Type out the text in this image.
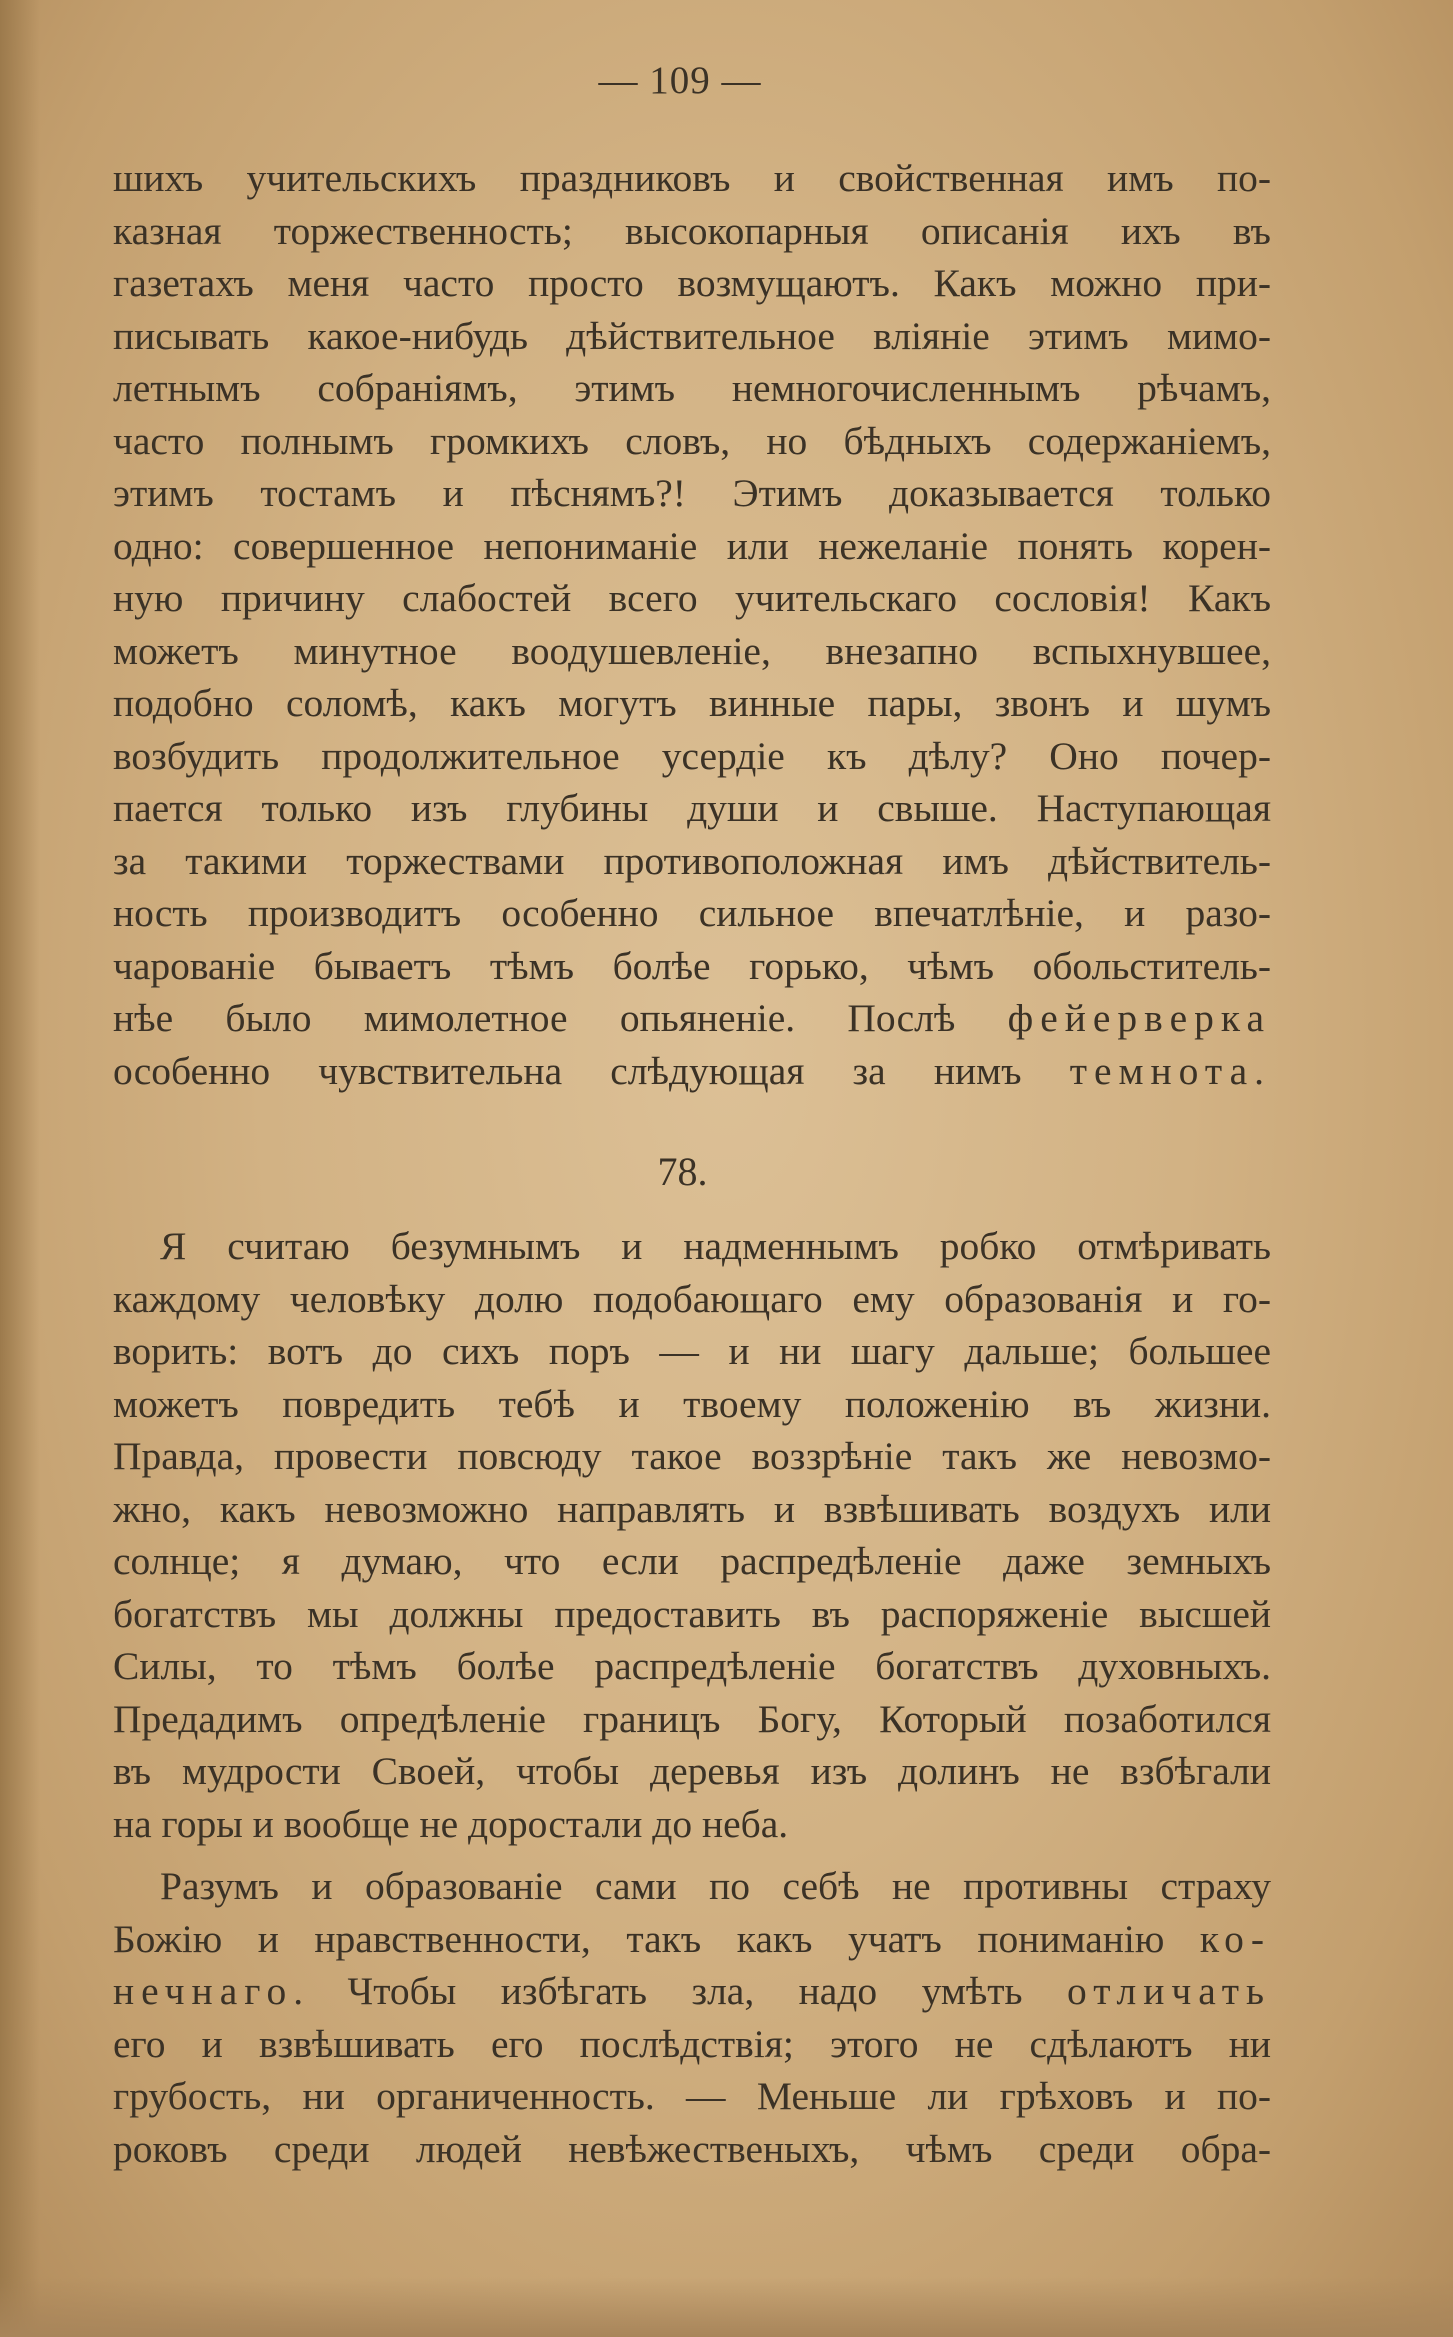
— 109 —
шихъ учительскихъ праздниковъ и свойственная имъ по-
казная торжественность; высокопарныя описанія ихъ въ
газетахъ меня часто просто возмущаютъ. Какъ можно при-
писывать какое-нибудь дѣйствительное вліяніе этимъ мимо-
летнымъ собраніямъ, этимъ немногочисленнымъ рѣчамъ,
часто полнымъ громкихъ словъ, но бѣдныхъ содержаніемъ,
этимъ тостамъ и пѣснямъ?! Этимъ доказывается только
одно: совершенное непониманіе или нежеланіе понять корен-
ную причину слабостей всего учительскаго сословія! Какъ
можетъ минутное воодушевленіе, внезапно вспыхнувшее,
подобно соломѣ, какъ могутъ винные пары, звонъ и шумъ
возбудить продолжительное усердіе къ дѣлу? Оно почер-
пается только изъ глубины души и свыше. Наступающая
за такими торжествами противоположная имъ дѣйствитель-
ность производитъ особенно сильное впечатлѣніе, и разо-
чарованіе бываетъ тѣмъ болѣе горько, чѣмъ обольститель-
нѣе было мимолетное опьяненіе. Послѣ фейерверка
особенно чувствительна слѣдующая за нимъ темнота.
78.
Я считаю безумнымъ и надменнымъ робко отмѣривать
каждому человѣку долю подобающаго ему образованія и го-
ворить: вотъ до сихъ поръ — и ни шагу дальше; большее
можетъ повредить тебѣ и твоему положенію въ жизни.
Правда, провести повсюду такое воззрѣніе такъ же невозмо-
жно, какъ невозможно направлять и взвѣшивать воздухъ или
солнце; я думаю, что если распредѣленіе даже земныхъ
богатствъ мы должны предоставить въ распоряженіе высшей
Силы, то тѣмъ болѣе распредѣленіе богатствъ духовныхъ.
Предадимъ опредѣленіе границъ Богу, Который позаботился
въ мудрости Своей, чтобы деревья изъ долинъ не взбѣгали
на горы и вообще не доростали до неба.
Разумъ и образованіе сами по себѣ не противны страху
Божію и нравственности, такъ какъ учатъ пониманію ко-
нечнаго. Чтобы избѣгать зла, надо умѣть отличать
его и взвѣшивать его послѣдствія; этого не сдѣлаютъ ни
грубость, ни органиченность. — Меньше ли грѣховъ и по-
роковъ среди людей невѣжественыхъ, чѣмъ среди обра-
